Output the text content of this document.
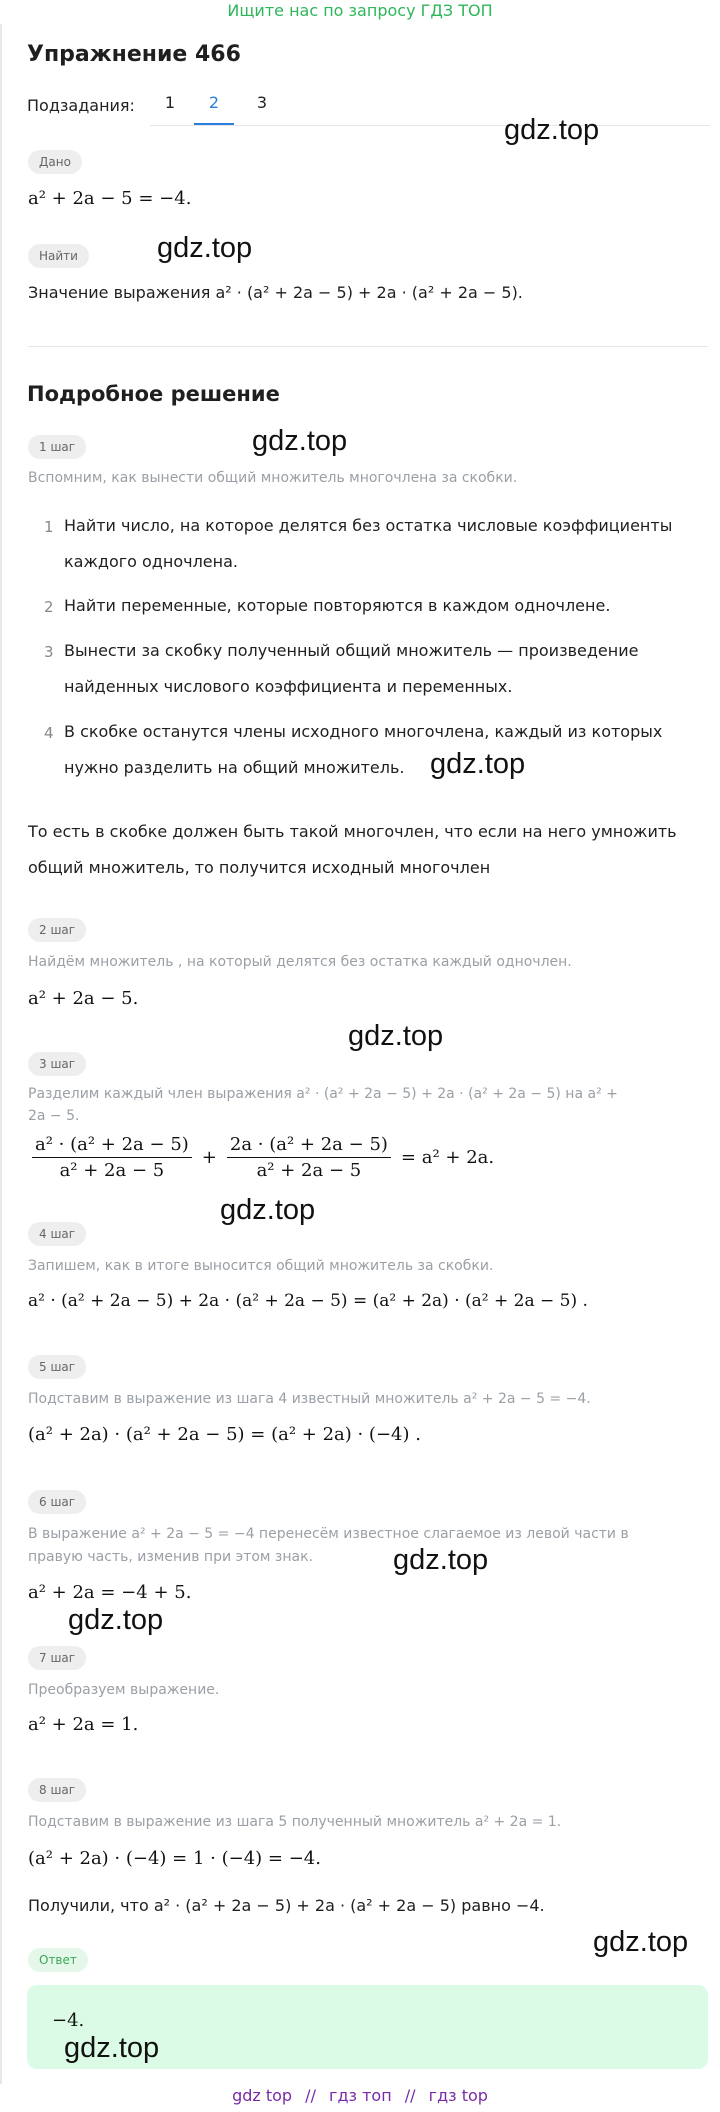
Ищите нас по запросу ГДЗ ТОП
Упражнение 466
Подзадания:	1	2	3
gdz.top
Дано
a² + 2a − 5 = −4.
Найти	gdz.top
Значение выражения a² · (a² + 2a − 5) + 2a · (a² + 2a − 5).
Подробное решение
1 шаг	gdz.top
Вспомним, как вынести общий множитель многочлена за скобки.
1 Найти число, на которое делятся без остатка числовые коэффициенты каждого одночлена.
2 Найти переменные, которые повторяются в каждом одночлене.
3 Вынести за скобку полученный общий множитель — произведение найденных числового коэффициента и переменных.
4 В скобке останутся члены исходного многочлена, каждый из которых нужно разделить на общий множитель. gdz.top
То есть в скобке должен быть такой многочлен, что если на него умножить
общий множитель, то получится исходный многочлен
2 шаг
Найдём множитель , на который делятся без остатка каждый одночлен.
a² + 2a − 5.
gdz.top
3 шаг
Разделим каждый член выражения a² · (a² + 2a − 5) + 2a · (a² + 2a − 5) на a² +
2a − 5.
$\frac{\text{a² · (a² + 2a − 5)}}{\text{a² + 2a − 5}} + \frac{\text{2a · (a² + 2a − 5)}}{\text{a² + 2a − 5}} = a^2 + 2a$.
gdz.top
4 шаг
Запишем, как в итоге выносится общий множитель за скобки.
a² · (a² + 2a − 5) + 2a · (a² + 2a − 5) = (a² + 2a) · (a² + 2a − 5) .
5 шаг
Подставим в выражение из шага 4 известный множитель a² + 2a − 5 = −4.
(a² + 2a) · (a² + 2a − 5) = (a² + 2a) · (−4) .
6 шаг
В выражение a² + 2a − 5 = −4 перенесём известное слагаемое из левой части в
правую часть, изменив при этом знак.	gdz.top
a² + 2a = −4 + 5.
gdz.top
7 шаг
Преобразуем выражение.
a² + 2a = 1.
8 шаг
Подставим в выражение из шага 5 полученный множитель a² + 2a = 1.
(a² + 2a) · (−4) = 1 · (−4) = −4.
Получили, что a² · (a² + 2a − 5) + 2a · (a² + 2a − 5) равно −4.
gdz.top
Ответ
−4.
gdz.top
gdz top // гдз топ // гдз top
